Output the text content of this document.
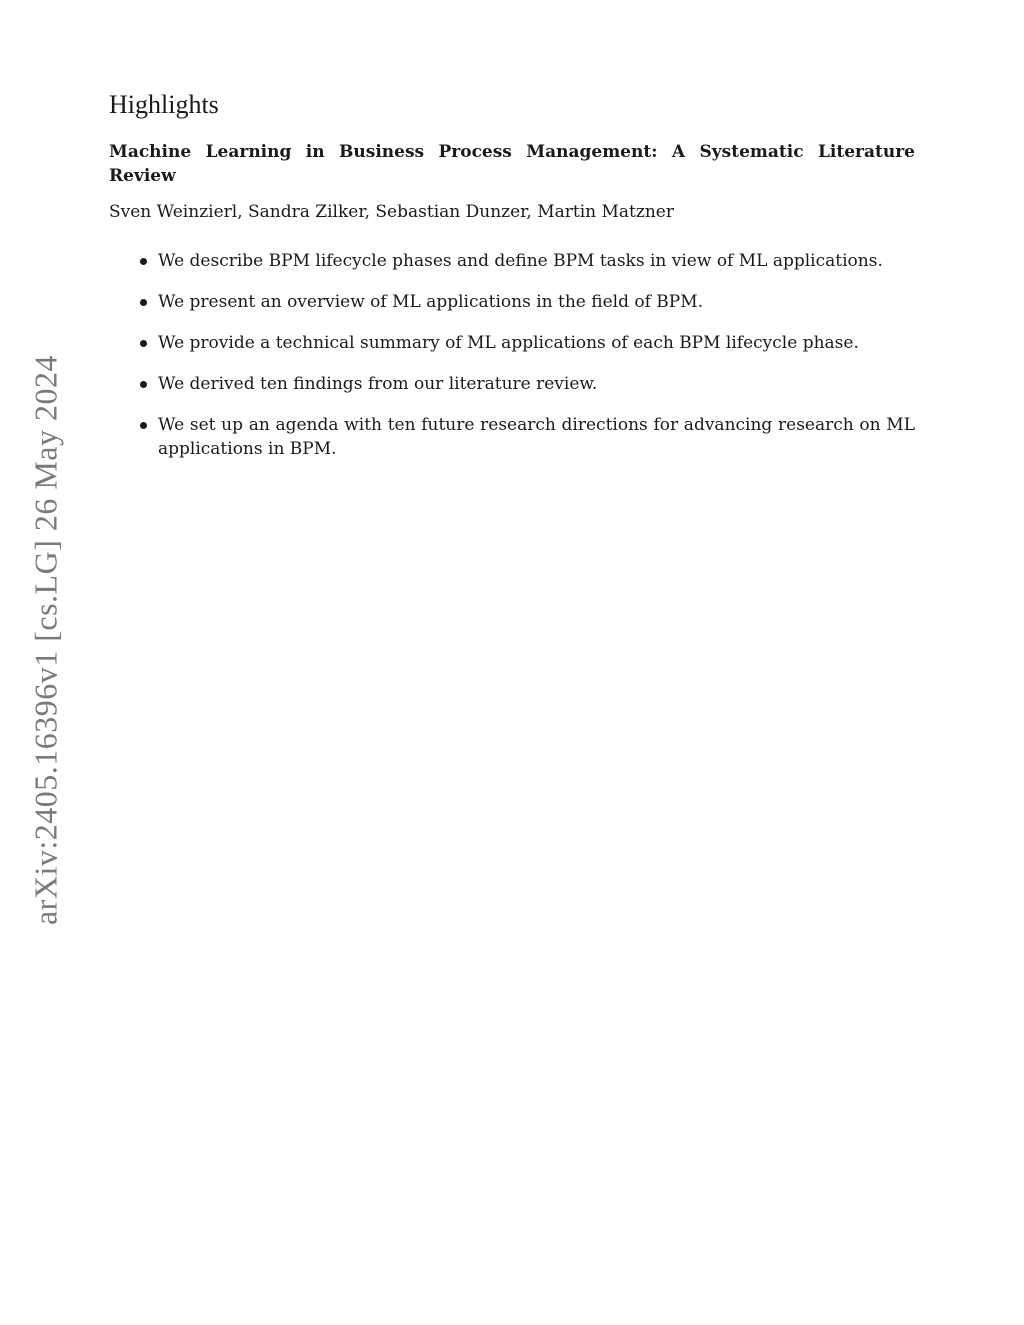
arXiv:2405.16396v1 [cs.LG] 26 May 2024
Highlights
Machine Learning in Business Process Management: A Systematic Literature Review
Sven Weinzierl, Sandra Zilker, Sebastian Dunzer, Martin Matzner
We describe BPM lifecycle phases and define BPM tasks in view of ML applications.
We present an overview of ML applications in the field of BPM.
We provide a technical summary of ML applications of each BPM lifecycle phase.
We derived ten findings from our literature review.
We set up an agenda with ten future research directions for advancing research on ML applications in BPM.
